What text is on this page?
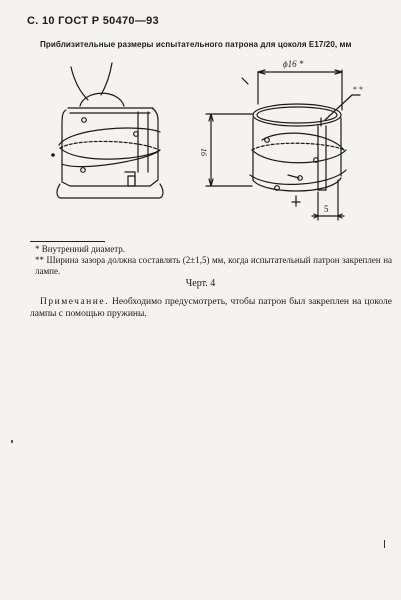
С. 10 ГОСТ Р 50470—93
Приблизительные размеры испытательного патрона для цоколя Е17/20, мм
ϕ16 *
* *
16
5

* Внутренний диаметр.

** Ширина зазора должна составлять (2±1,5) мм, когда испытательный патрон закреплен на лампе.

Черт. 4
Примечание. Необходимо предусмотреть, чтобы патрон был закреплен на цоколе лампы с помощью пружины.
